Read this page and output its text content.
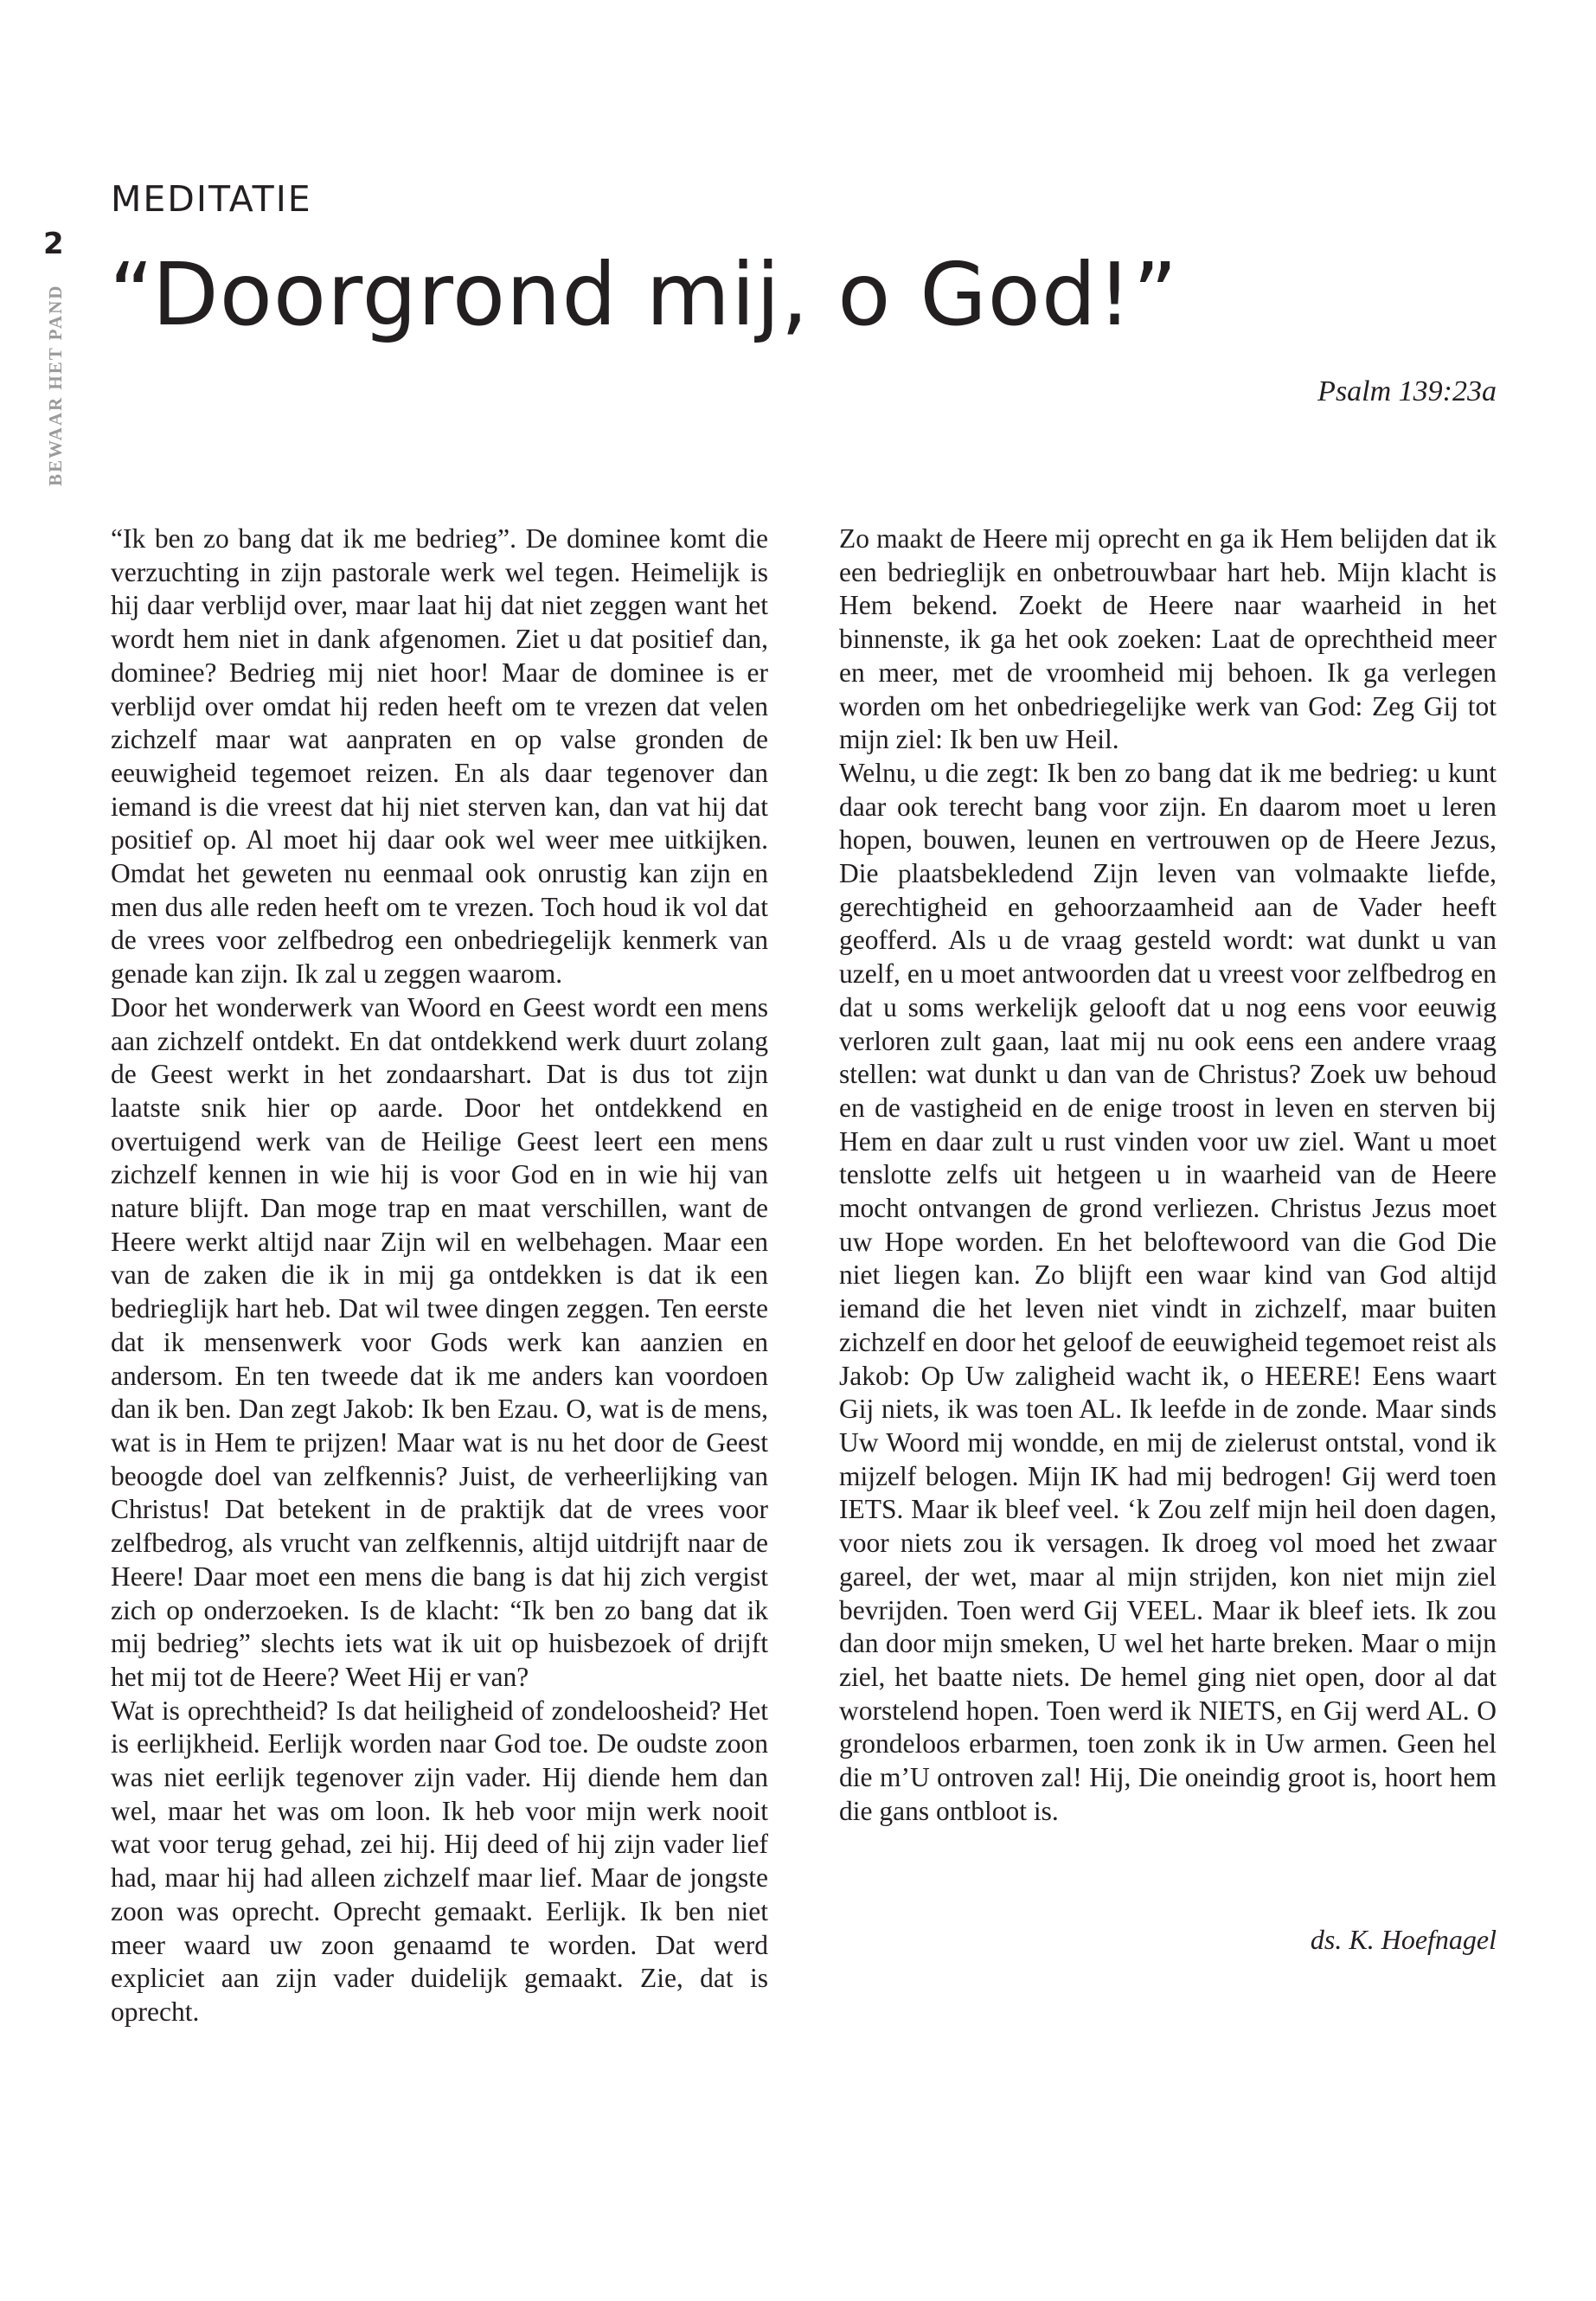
2
BEWAAR HET PAND
MEDITATIE
“Doorgrond mij, o God!”
Psalm 139:23a

“Ik ben zo bang dat ik me bedrieg”. De dominee komt die verzuchting in zijn pastorale werk wel tegen. Heimelijk is hij daar verblijd over, maar laat hij dat niet zeggen want het wordt hem niet in dank afgenomen. Ziet u dat positief dan, dominee? Bedrieg mij niet hoor! Maar de dominee is er verblijd over omdat hij reden heeft om te vrezen dat velen zichzelf maar wat aanpraten en op valse gronden de eeuwigheid tegemoet reizen. En als daar tegenover dan iemand is die vreest dat hij niet sterven kan, dan vat hij dat positief op. Al moet hij daar ook wel weer mee uitkijken. Omdat het geweten nu eenmaal ook onrustig kan zijn en men dus alle reden heeft om te vrezen. Toch houd ik vol dat de vrees voor zelfbedrog een onbedriegelijk kenmerk van genade kan zijn. Ik zal u zeggen waarom.

Door het wonderwerk van Woord en Geest wordt een mens aan zichzelf ontdekt. En dat ontdekkend werk duurt zolang de Geest werkt in het zondaarshart. Dat is dus tot zijn laatste snik hier op aarde. Door het ontdekkend en overtuigend werk van de Heilige Geest leert een mens zichzelf kennen in wie hij is voor God en in wie hij van nature blijft. Dan moge trap en maat verschillen, want de Heere werkt altijd naar Zijn wil en welbehagen. Maar een van de zaken die ik in mij ga ontdekken is dat ik een bedrieglijk hart heb. Dat wil twee dingen zeggen. Ten eerste dat ik mensenwerk voor Gods werk kan aanzien en andersom. En ten tweede dat ik me anders kan voordoen dan ik ben. Dan zegt Jakob: Ik ben Ezau. O, wat is de mens, wat is in Hem te prijzen! Maar wat is nu het door de Geest beoogde doel van zelfkennis? Juist, de verheerlijking van Christus! Dat betekent in de praktijk dat de vrees voor zelfbedrog, als vrucht van zelfkennis, altijd uitdrijft naar de Heere! Daar moet een mens die bang is dat hij zich vergist zich op onderzoeken. Is de klacht: “Ik ben zo bang dat ik mij bedrieg” slechts iets wat ik uit op huisbezoek of drijft het mij tot de Heere? Weet Hij er van?

Wat is oprechtheid? Is dat heiligheid of zondeloosheid? Het is eerlijkheid. Eerlijk worden naar God toe. De oudste zoon was niet eerlijk tegenover zijn vader. Hij diende hem dan wel, maar het was om loon. Ik heb voor mijn werk nooit wat voor terug gehad, zei hij. Hij deed of hij zijn vader lief had, maar hij had alleen zichzelf maar lief. Maar de jongste zoon was oprecht. Oprecht gemaakt. Eerlijk. Ik ben niet meer waard uw zoon genaamd te worden. Dat werd expliciet aan zijn vader duidelijk gemaakt. Zie, dat is oprecht.

Zo maakt de Heere mij oprecht en ga ik Hem belijden dat ik een bedrieglijk en onbetrouwbaar hart heb. Mijn klacht is Hem bekend. Zoekt de Heere naar waarheid in het binnenste, ik ga het ook zoeken: Laat de oprechtheid meer en meer, met de vroomheid mij behoen. Ik ga verlegen worden om het onbedriegelijke werk van God: Zeg Gij tot mijn ziel: Ik ben uw Heil.

Welnu, u die zegt: Ik ben zo bang dat ik me bedrieg: u kunt daar ook terecht bang voor zijn. En daarom moet u leren hopen, bouwen, leunen en vertrouwen op de Heere Jezus, Die plaatsbekledend Zijn leven van volmaakte liefde, gerechtigheid en gehoorzaamheid aan de Vader heeft geofferd. Als u de vraag gesteld wordt: wat dunkt u van uzelf, en u moet antwoorden dat u vreest voor zelfbedrog en dat u soms werkelijk gelooft dat u nog eens voor eeuwig verloren zult gaan, laat mij nu ook eens een andere vraag stellen: wat dunkt u dan van de Christus? Zoek uw behoud en de vastigheid en de enige troost in leven en sterven bij Hem en daar zult u rust vinden voor uw ziel. Want u moet tenslotte zelfs uit hetgeen u in waarheid van de Heere mocht ontvangen de grond verliezen. Christus Jezus moet uw Hope worden. En het beloftewoord van die God Die niet liegen kan. Zo blijft een waar kind van God altijd iemand die het leven niet vindt in zichzelf, maar buiten zichzelf en door het geloof de eeuwigheid tegemoet reist als Jakob: Op Uw zaligheid wacht ik, o HEERE! Eens waart Gij niets, ik was toen AL. Ik leefde in de zonde. Maar sinds Uw Woord mij wondde, en mij de zielerust ontstal, vond ik mijzelf belogen. Mijn IK had mij bedrogen! Gij werd toen IETS. Maar ik bleef veel. ‘k Zou zelf mijn heil doen dagen, voor niets zou ik versagen. Ik droeg vol moed het zwaar gareel, der wet, maar al mijn strijden, kon niet mijn ziel bevrijden. Toen werd Gij VEEL. Maar ik bleef iets. Ik zou dan door mijn smeken, U wel het harte breken. Maar o mijn ziel, het baatte niets. De hemel ging niet open, door al dat worstelend hopen. Toen werd ik NIETS, en Gij werd AL. O grondeloos erbarmen, toen zonk ik in Uw armen. Geen hel die m’U ontroven zal! Hij, Die oneindig groot is, hoort hem die gans ontbloot is.

ds. K. Hoefnagel
